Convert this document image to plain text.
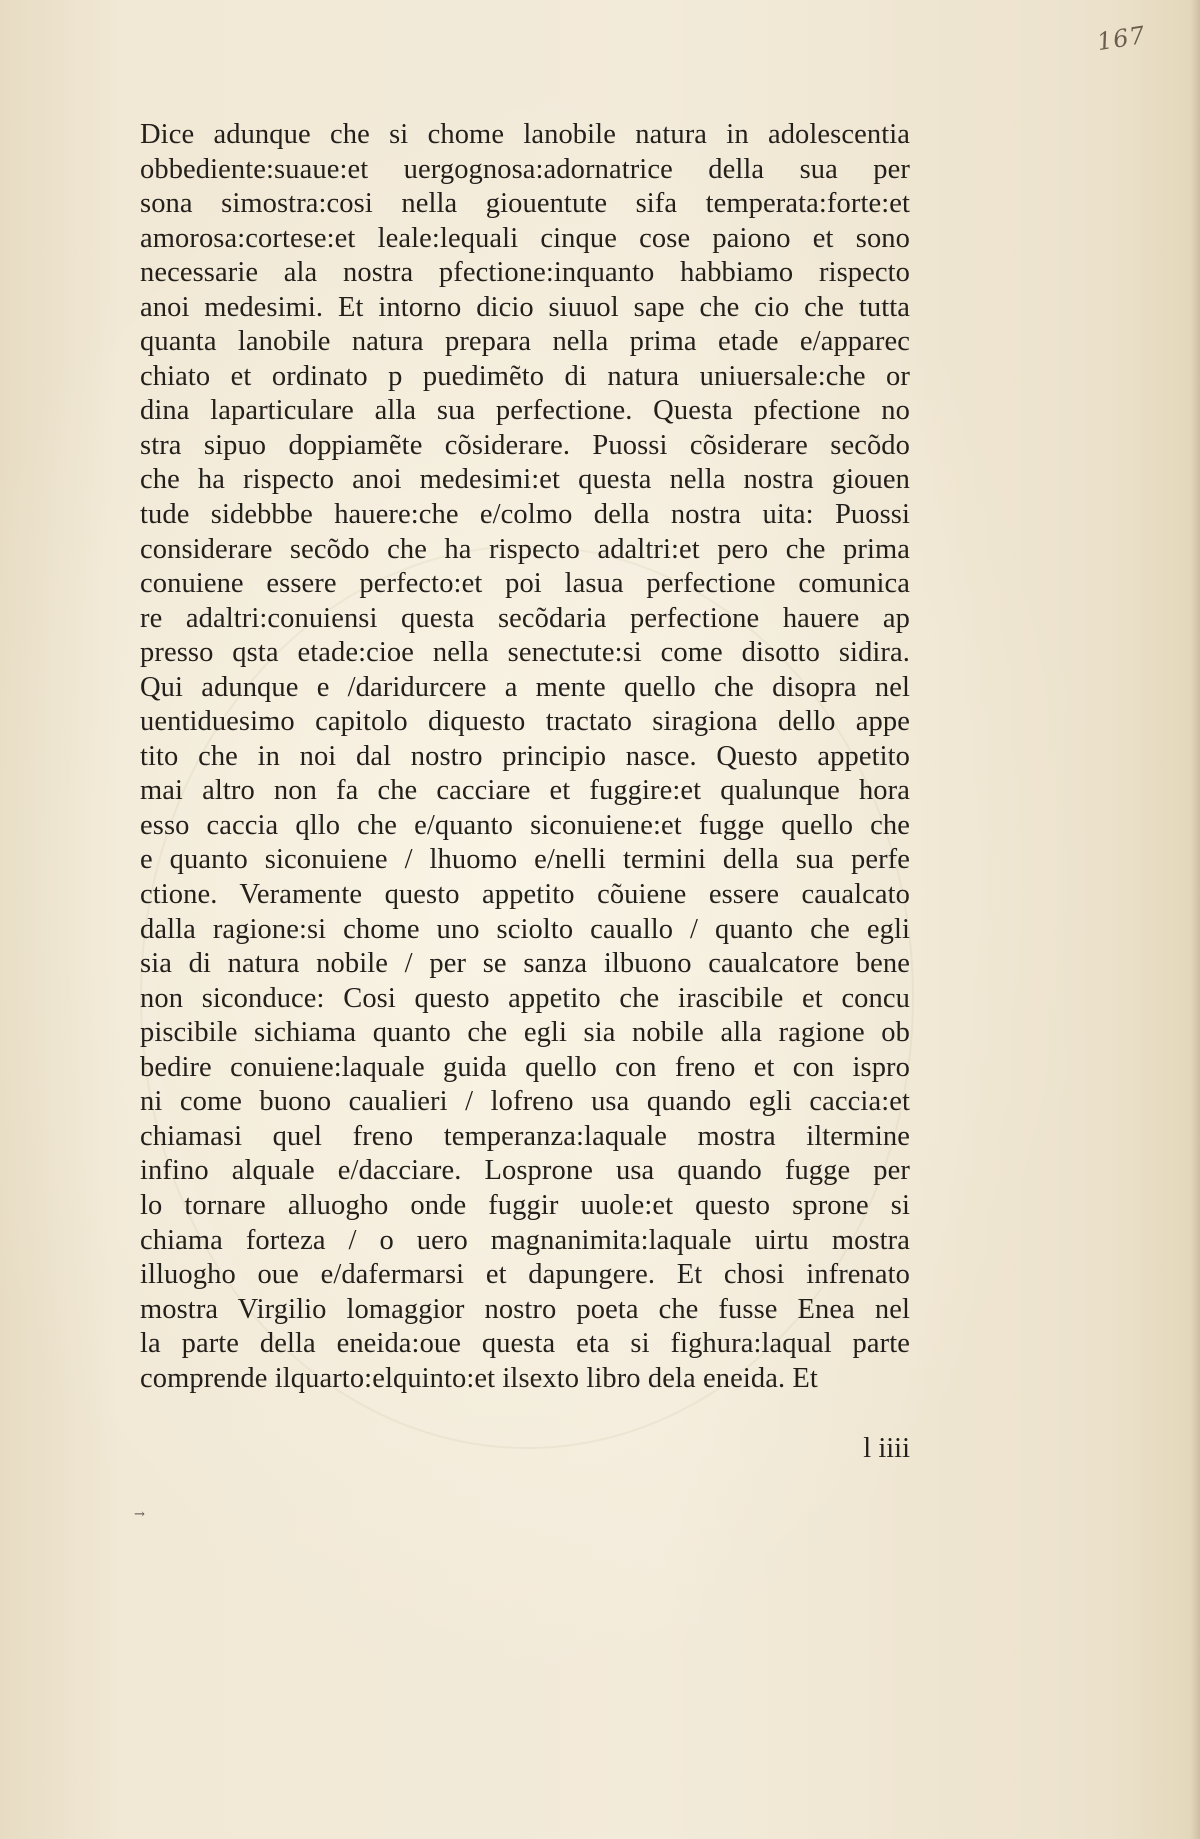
167
Dice adunque che si chome lanobile natura in adolescentia
obbediente:suaue:et uergognosa:adornatrice della sua per
sona simostra:cosi nella giouentute sifa temperata:forte:et
amorosa:cortese:et leale:lequali cinque cose paiono et sono
necessarie ala nostra pfectione:inquanto habbiamo rispecto
anoi medesimi. Et intorno dicio siuuol sape che cio che tutta
quanta lanobile natura prepara nella prima etade e/apparec
chiato et ordinato p puedimẽto di natura uniuersale:che or
dina laparticulare alla sua perfectione. Questa pfectione no
stra sipuo doppiamẽte cõsiderare. Puossi cõsiderare secõdo
che ha rispecto anoi medesimi:et questa nella nostra giouen
tude sidebbbe hauere:che e/colmo della nostra uita: Puossi
considerare secõdo che ha rispecto adaltri:et pero che prima
conuiene essere perfecto:et poi lasua perfectione comunica
re adaltri:conuiensi questa secõdaria perfectione hauere ap
presso qsta etade:cioe nella senectute:si come disotto sidira.
Qui adunque e /daridurcere a mente quello che disopra nel
uentiduesimo capitolo diquesto tractato siragiona dello appe
tito che in noi dal nostro principio nasce. Questo appetito
mai altro non fa che cacciare et fuggire:et qualunque hora
esso caccia qllo che e/quanto siconuiene:et fugge quello che
e quanto siconuiene / lhuomo e/nelli termini della sua perfe
ctione. Veramente questo appetito cõuiene essere caualcato
dalla ragione:si chome uno sciolto cauallo / quanto che egli
sia di natura nobile / per se sanza ilbuono caualcatore bene
non siconduce: Cosi questo appetito che irascibile et concu
piscibile sichiama quanto che egli sia nobile alla ragione ob
bedire conuiene:laquale guida quello con freno et con ispro
ni come buono caualieri / lofreno usa quando egli caccia:et
chiamasi quel freno temperanza:laquale mostra iltermine
infino alquale e/dacciare. Losprone usa quando fugge per
lo tornare alluogho onde fuggir uuole:et questo sprone si
chiama forteza / o uero magnanimita:laquale uirtu mostra
illuogho oue e/dafermarsi et dapungere. Et chosi infrenato
mostra Virgilio lomaggior nostro poeta che fusse Enea nel
la parte della eneida:oue questa eta si fighura:laqual parte
comprende ilquarto:elquinto:et ilsexto libro dela eneida. Et
l iiii
→
